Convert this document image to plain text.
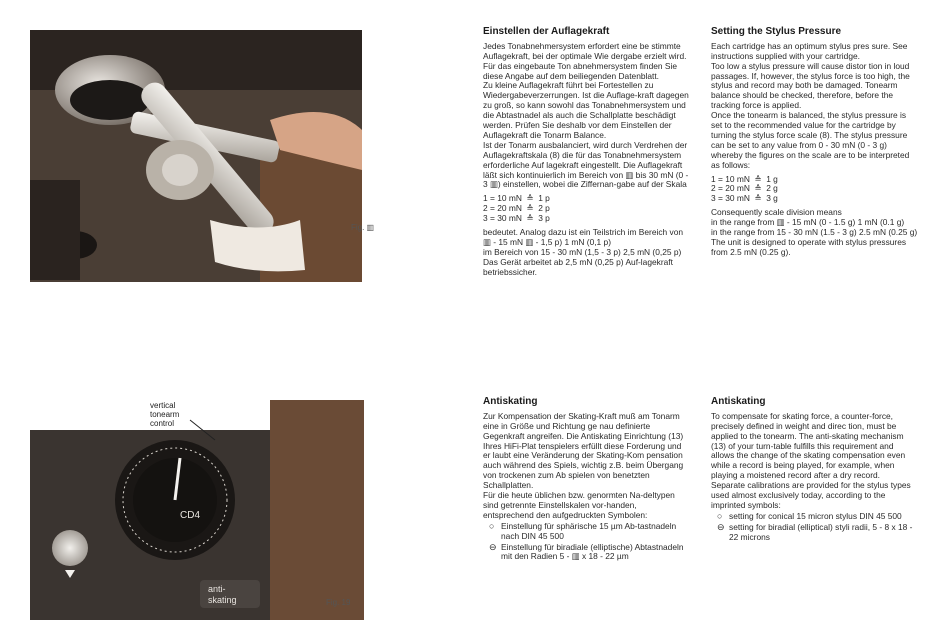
Fig. ▥
CD4
anti-
skating
vertical
tonearm
control
Fig. 19
Einstellen der Auflagekraft

Jedes Tonabnehmersystem erfordert eine be stimmte Auflagekraft, bei der optimale Wie dergabe erzielt wird. Für das eingebaute Ton abnehmersystem finden Sie diese Angabe auf dem beiliegenden Datenblatt.

Zu kleine Auflagekraft führt bei Fortestellen zu Wiedergabeverzerrungen. Ist die Auflage-kraft dagegen zu groß, so kann sowohl das Tonabnehmersystem und die Abtastnadel als auch die Schallplatte beschädigt werden. Prüfen Sie deshalb vor dem Einstellen der Auflagekraft die Tonarm Balance.

Ist der Tonarm ausbalanciert, wird durch Verdrehen der Auflagekraftskala (8) die für das Tonabnehmersystem erforderliche Auf lagekraft eingestellt. Die Auflagekraft läßt sich kontinuierlich im Bereich von ▥ bis 30 mN (0 - 3 ▥) einstellen, wobei die Ziffernan-gabe auf der Skala

1 = 10 mN  ≙  1 p
2 = 20 mN  ≙  2 p
3 = 30 mN  ≙  3 p

bedeutet. Analog dazu ist ein Teilstrich im Bereich von ▥ - 15 mN ▥ - 1,5 p) 1 mN (0,1 p)

im Bereich von 15 - 30 mN (1,5 - 3 p) 2,5 mN (0,25 p)

Das Gerät arbeitet ab 2,5 mN (0,25 p) Auf-lagekraft betriebssicher.

Antiskating

Zur Kompensation der Skating-Kraft muß am Tonarm eine in Größe und Richtung ge nau definierte Gegenkraft angreifen. Die Antiskating Einrichtung (13) Ihres HiFi-Plat tenspielers erfüllt diese Forderung und er laubt eine Veränderung der Skating-Kom pensation auch während des Spiels, wichtig z.B. beim Übergang von trockenen zum Ab spielen von benetzten Schallplatten.

Für die heute üblichen bzw. genormten Na-deltypen sind getrennte Einstellskalen vor-handen, entsprechend den aufgedruckten Symbolen:

○ Einstellung für sphärische 15 µm Ab-tastnadeln nach DIN 45 500
⊖ Einstellung für biradiale (elliptische) Abtastnadeln mit den Radien 5 - ▥ x 18 - 22 µm
Setting the Stylus Pressure

Each cartridge has an optimum stylus pres sure. See instructions supplied with your cartridge.

Too low a stylus pressure will cause distor tion in loud passages. If, however, the stylus force is too high, the stylus and record may both be damaged. Tonearm balance should be checked, therefore, before the tracking force is applied.

Once the tonearm is balanced, the stylus pressure is set to the recommended value for the cartridge by turning the stylus force scale (8). The stylus pressure can be set to any value from 0 - 30 mN (0 - 3 g) whereby the figures on the scale are to be interpreted as follows:

1 = 10 mN  ≙  1 g
2 = 20 mN  ≙  2 g
3 = 30 mN  ≙  3 g

Consequently scale division means

in the range from ▥ - 15 mN (0 - 1.5 g) 1 mN (0.1 g)

in the range from 15 - 30 mN (1.5 - 3 g) 2.5 mN (0.25 g)

The unit is designed to operate with stylus pressures from 2.5 mN (0.25 g).

Antiskating

To compensate for skating force, a counter-force, precisely defined in weight and direc tion, must be applied to the tonearm. The anti-skating mechanism (13) of your turn-table fulfills this requirement and allows the change of the skating compensation even while a record is being played, for example, when playing a moistened record after a dry record.

Separate calibrations are provided for the stylus types used almost exclusively today, according to the imprinted symbols:

○ setting for conical 15 micron stylus DIN 45 500
⊖ setting for biradial (elliptical) styli radii, 5 - 8 x 18 - 22 microns
